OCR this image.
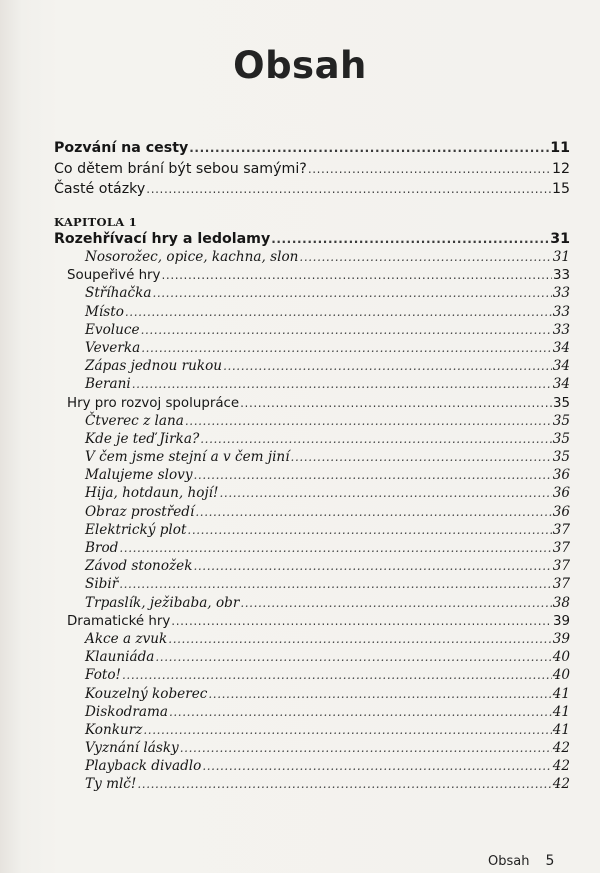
Obsah
Pozvání na cesty .....	11
Co dětem brání být sebou samými? .....	12
Časté otázky .....	15
KAPITOLA 1
Rozehřívací hry a ledolamy .....	31
Nosorožec, opice, kachna, slon .....	31
Soupeřivé hry .....	33
Stříhačka .....	33
Místo .....	33
Evoluce .....	33
Veverka .....	34
Zápas jednou rukou .....	34
Berani .....	34
Hry pro rozvoj spolupráce .....	35
Čtverec z lana .....	35
Kde je teď Jirka? .....	35
V čem jsme stejní a v čem jiní .....	35
Malujeme slovy .....	36
Hija, hotdaun, hojí! .....	36
Obraz prostředí .....	36
Elektrický plot .....	37
Brod .....	37
Závod stonožek .....	37
Sibiř .....	37
Trpaslík, ježibaba, obr .....	38
Dramatické hry .....	39
Akce a zvuk .....	39
Klauniáda .....	40
Foto! .....	40
Kouzelný koberec .....	41
Diskodrama .....	41
Konkurz .....	41
Vyznání lásky .....	42
Playback divadlo .....	42
Ty mlč! .....	42
Obsah 5
